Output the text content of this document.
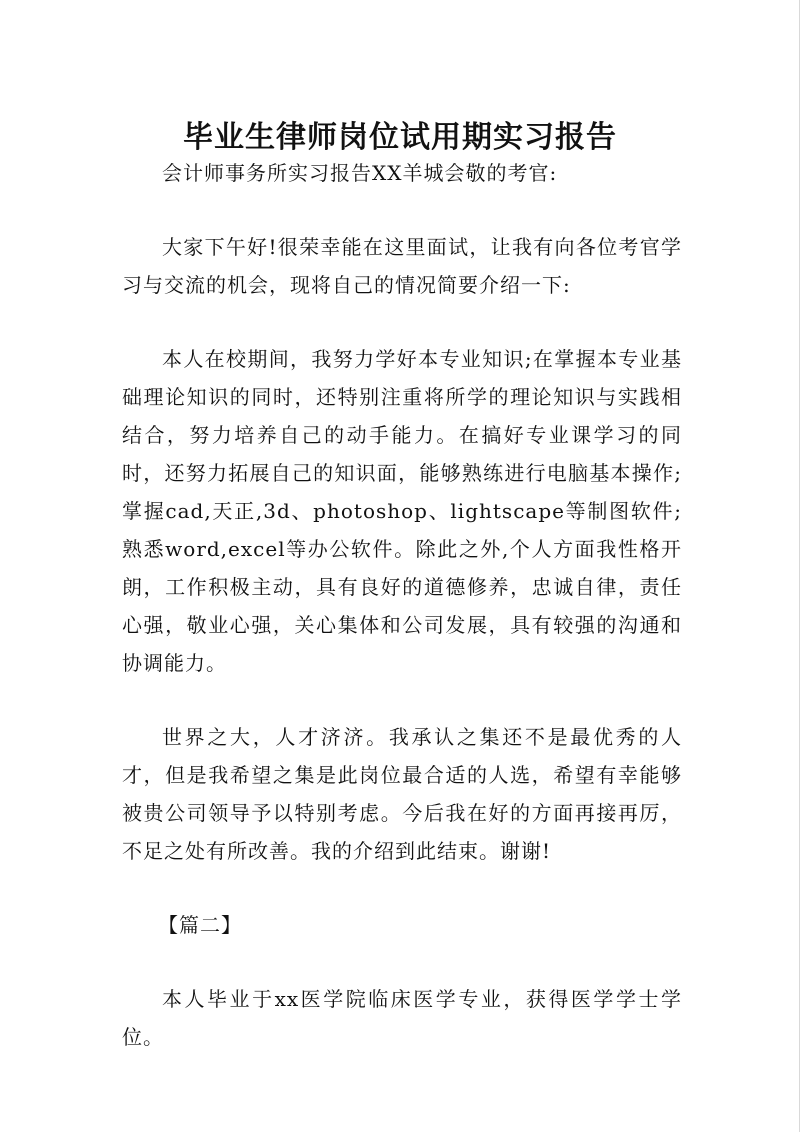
毕业生律师岗位试用期实习报告

会计师事务所实习报告XX羊城会敬的考官:

大家下午好!很荣幸能在这里面试，让我有向各位考官学习与交流的机会，现将自己的情况简要介绍一下:

本人在校期间，我努力学好本专业知识;在掌握本专业基础理论知识的同时，还特别注重将所学的理论知识与实践相结合，努力培养自己的动手能力。在搞好专业课学习的同时，还努力拓展自己的知识面，能够熟练进行电脑基本操作;掌握cad,天正,3d、photoshop、lightscape等制图软件;熟悉word,excel等办公软件。除此之外,个人方面我性格开朗，工作积极主动，具有良好的道德修养，忠诚自律，责任心强，敬业心强，关心集体和公司发展，具有较强的沟通和协调能力。

世界之大，人才济济。我承认之集还不是最优秀的人才，但是我希望之集是此岗位最合适的人选，希望有幸能够被贵公司领导予以特别考虑。今后我在好的方面再接再厉，不足之处有所改善。我的介绍到此结束。谢谢!

【篇二】

本人毕业于xx医学院临床医学专业，获得医学学士学位。
